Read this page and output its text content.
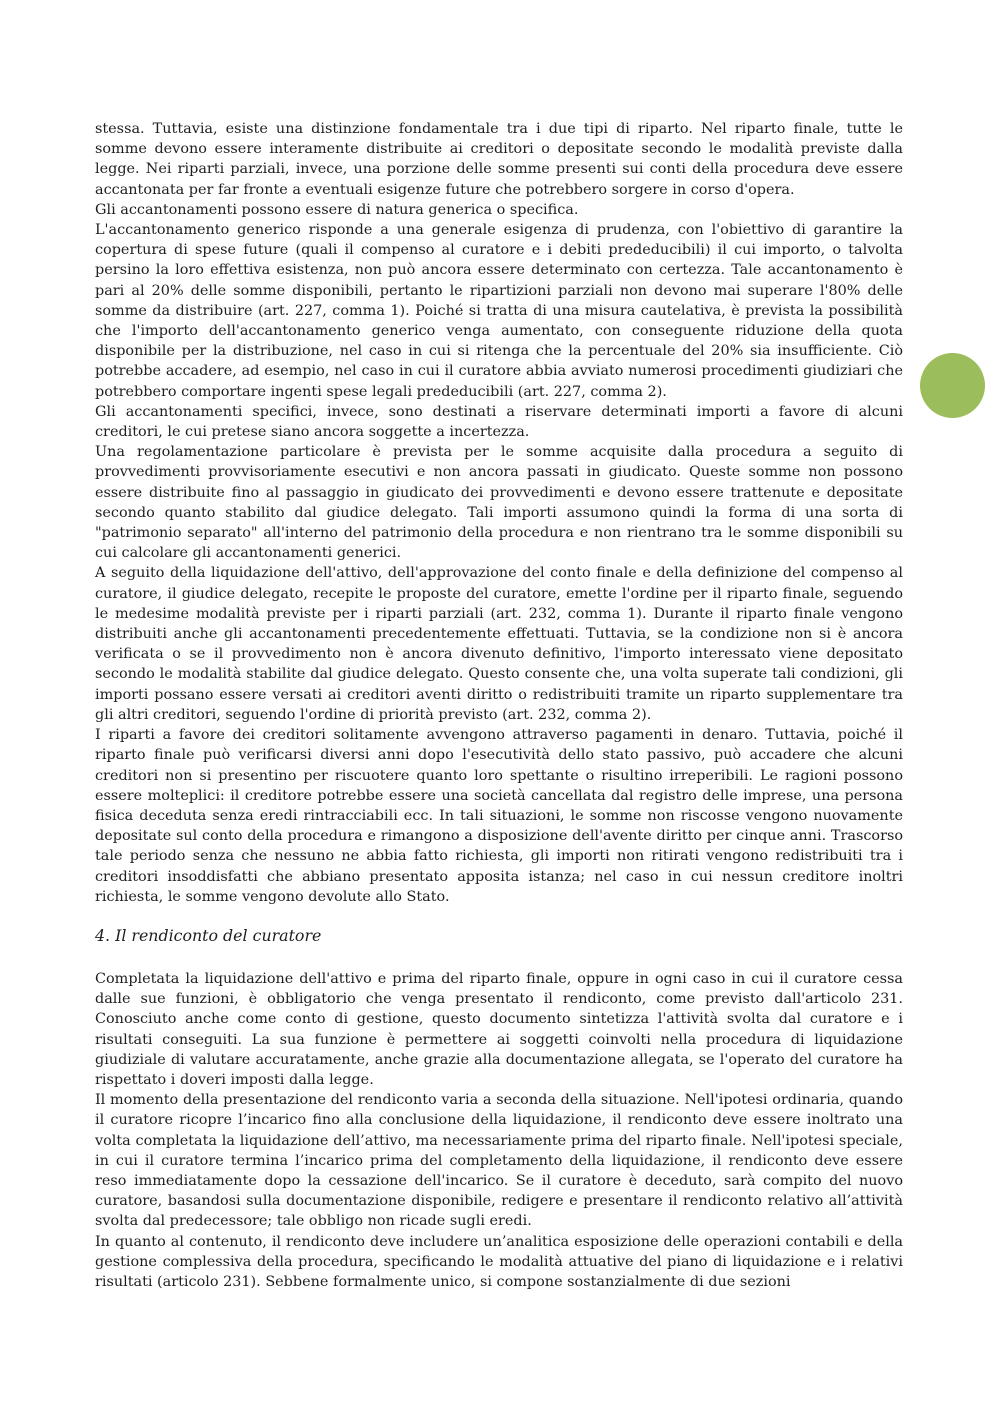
stessa. Tuttavia, esiste una distinzione fondamentale tra i due tipi di riparto. Nel riparto finale, tutte le somme devono essere interamente distribuite ai creditori o depositate secondo le modalità previste dalla legge. Nei riparti parziali, invece, una porzione delle somme presenti sui conti della procedura deve essere accantonata per far fronte a eventuali esigenze future che potrebbero sorgere in corso d'opera.

Gli accantonamenti possono essere di natura generica o specifica.

L'accantonamento generico risponde a una generale esigenza di prudenza, con l'obiettivo di garantire la copertura di spese future (quali il compenso al curatore e i debiti prededucibili) il cui importo, o talvolta persino la loro effettiva esistenza, non può ancora essere determinato con certezza. Tale accantonamento è pari al 20% delle somme disponibili, pertanto le ripartizioni parziali non devono mai superare l'80% delle somme da distribuire (art. 227, comma 1). Poiché si tratta di una misura cautelativa, è prevista la possibilità che l'importo dell'accantonamento generico venga aumentato, con conseguente riduzione della quota disponibile per la distribuzione, nel caso in cui si ritenga che la percentuale del 20% sia insufficiente. Ciò potrebbe accadere, ad esempio, nel caso in cui il curatore abbia avviato numerosi procedimenti giudiziari che potrebbero comportare ingenti spese legali prededucibili (art. 227, comma 2).

Gli accantonamenti specifici, invece, sono destinati a riservare determinati importi a favore di alcuni creditori, le cui pretese siano ancora soggette a incertezza.

Una regolamentazione particolare è prevista per le somme acquisite dalla procedura a seguito di provvedimenti provvisoriamente esecutivi e non ancora passati in giudicato. Queste somme non possono essere distribuite fino al passaggio in giudicato dei provvedimenti e devono essere trattenute e depositate secondo quanto stabilito dal giudice delegato. Tali importi assumono quindi la forma di una sorta di "patrimonio separato" all'interno del patrimonio della procedura e non rientrano tra le somme disponibili su cui calcolare gli accantonamenti generici.

A seguito della liquidazione dell'attivo, dell'approvazione del conto finale e della definizione del compenso al curatore, il giudice delegato, recepite le proposte del curatore, emette l'ordine per il riparto finale, seguendo le medesime modalità previste per i riparti parziali (art. 232, comma 1). Durante il riparto finale vengono distribuiti anche gli accantonamenti precedentemente effettuati. Tuttavia, se la condizione non si è ancora verificata o se il provvedimento non è ancora divenuto definitivo, l'importo interessato viene depositato secondo le modalità stabilite dal giudice delegato. Questo consente che, una volta superate tali condizioni, gli importi possano essere versati ai creditori aventi diritto o redistribuiti tramite un riparto supplementare tra gli altri creditori, seguendo l'ordine di priorità previsto (art. 232, comma 2).

I riparti a favore dei creditori solitamente avvengono attraverso pagamenti in denaro. Tuttavia, poiché il riparto finale può verificarsi diversi anni dopo l'esecutività dello stato passivo, può accadere che alcuni creditori non si presentino per riscuotere quanto loro spettante o risultino irreperibili. Le ragioni possono essere molteplici: il creditore potrebbe essere una società cancellata dal registro delle imprese, una persona fisica deceduta senza eredi rintracciabili ecc. In tali situazioni, le somme non riscosse vengono nuovamente depositate sul conto della procedura e rimangono a disposizione dell'avente diritto per cinque anni. Trascorso tale periodo senza che nessuno ne abbia fatto richiesta, gli importi non ritirati vengono redistribuiti tra i creditori insoddisfatti che abbiano presentato apposita istanza; nel caso in cui nessun creditore inoltri richiesta, le somme vengono devolute allo Stato.

4. Il rendiconto del curatore

Completata la liquidazione dell'attivo e prima del riparto finale, oppure in ogni caso in cui il curatore cessa dalle sue funzioni, è obbligatorio che venga presentato il rendiconto, come previsto dall'articolo 231. Conosciuto anche come conto di gestione, questo documento sintetizza l'attività svolta dal curatore e i risultati conseguiti. La sua funzione è permettere ai soggetti coinvolti nella procedura di liquidazione giudiziale di valutare accuratamente, anche grazie alla documentazione allegata, se l'operato del curatore ha rispettato i doveri imposti dalla legge.

Il momento della presentazione del rendiconto varia a seconda della situazione. Nell'ipotesi ordinaria, quando il curatore ricopre l’incarico fino alla conclusione della liquidazione, il rendiconto deve essere inoltrato una volta completata la liquidazione dell’attivo, ma necessariamente prima del riparto finale. Nell'ipotesi speciale, in cui il curatore termina l’incarico prima del completamento della liquidazione, il rendiconto deve essere reso immediatamente dopo la cessazione dell'incarico. Se il curatore è deceduto, sarà compito del nuovo curatore, basandosi sulla documentazione disponibile, redigere e presentare il rendiconto relativo all’attività svolta dal predecessore; tale obbligo non ricade sugli eredi.

In quanto al contenuto, il rendiconto deve includere un’analitica esposizione delle operazioni contabili e della gestione complessiva della procedura, specificando le modalità attuative del piano di liquidazione e i relativi risultati (articolo 231). Sebbene formalmente unico, si compone sostanzialmente di due sezioni
